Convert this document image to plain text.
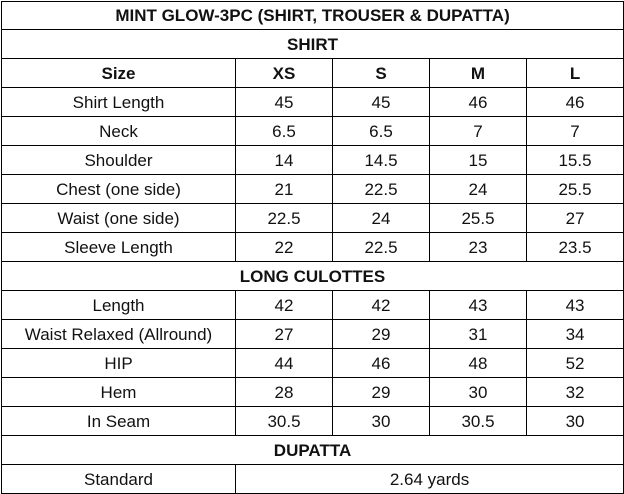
MINT GLOW-3PC (SHIRT, TROUSER & DUPATTA)				
SHIRT				
Size	XS	S	M	L
Shirt Length	45	45	46	46
Neck	6.5	6.5	7	7
Shoulder	14	14.5	15	15.5
Chest (one side)	21	22.5	24	25.5
Waist (one side)	22.5	24	25.5	27
Sleeve Length	22	22.5	23	23.5
LONG CULOTTES				
Length	42	42	43	43
Waist Relaxed (Allround)	27	29	31	34
HIP	44	46	48	52
Hem	28	29	30	32
In Seam	30.5	30	30.5	30
DUPATTA				
Standard	2.64 yards			
